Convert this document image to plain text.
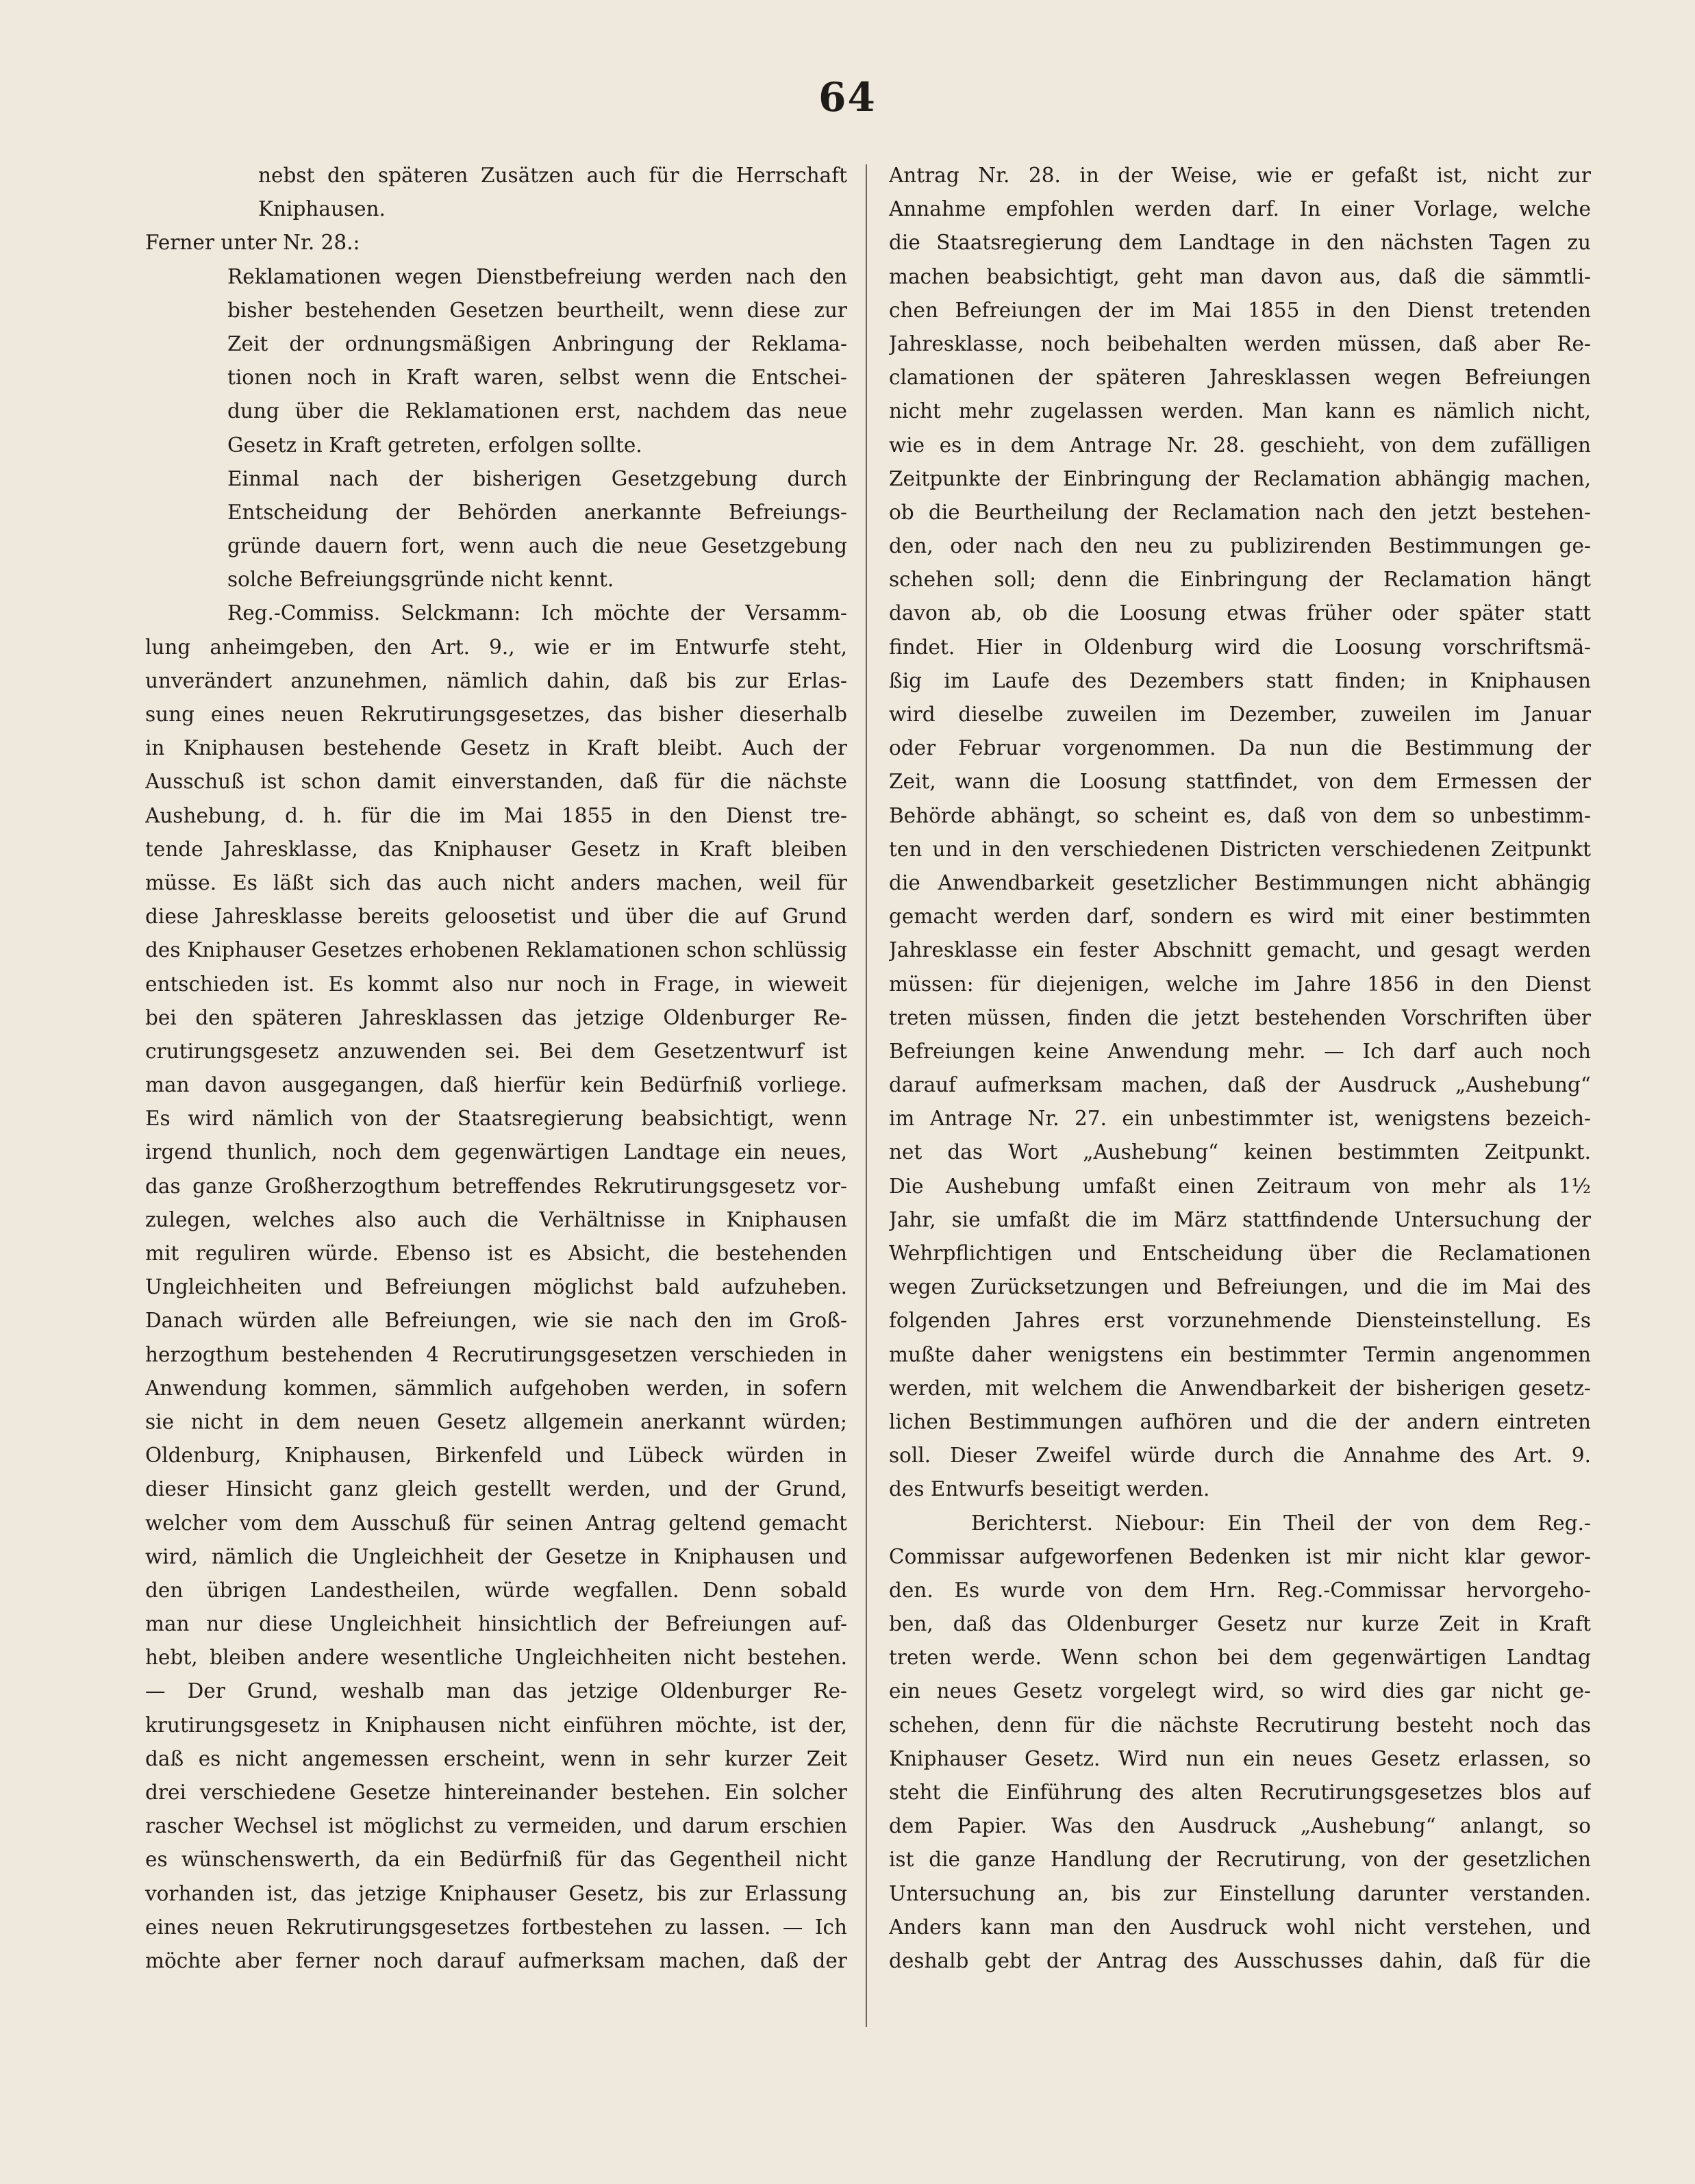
64
nebst den späteren Zusätzen auch für die Herrschaft
Kniphausen.
Ferner unter Nr. 28.:
Reklamationen wegen Dienstbefreiung werden nach den
bisher bestehenden Gesetzen beurtheilt, wenn diese zur
Zeit der ordnungsmäßigen Anbringung der Reklama-
tionen noch in Kraft waren, selbst wenn die Entschei-
dung über die Reklamationen erst, nachdem das neue
Gesetz in Kraft getreten, erfolgen sollte.
Einmal nach der bisherigen Gesetzgebung durch
Entscheidung der Behörden anerkannte Befreiungs-
gründe dauern fort, wenn auch die neue Gesetzgebung
solche Befreiungsgründe nicht kennt.
Reg.-Commiss. Selckmann: Ich möchte der Versamm-
lung anheimgeben, den Art. 9., wie er im Entwurfe steht,
unverändert anzunehmen, nämlich dahin, daß bis zur Erlas-
sung eines neuen Rekrutirungsgesetzes, das bisher dieserhalb
in Kniphausen bestehende Gesetz in Kraft bleibt. Auch der
Ausschuß ist schon damit einverstanden, daß für die nächste
Aushebung, d. h. für die im Mai 1855 in den Dienst tre-
tende Jahresklasse, das Kniphauser Gesetz in Kraft bleiben
müsse. Es läßt sich das auch nicht anders machen, weil für
diese Jahresklasse bereits geloosetist und über die auf Grund
des Kniphauser Gesetzes erhobenen Reklamationen schon schlüssig
entschieden ist. Es kommt also nur noch in Frage, in wieweit
bei den späteren Jahresklassen das jetzige Oldenburger Re-
crutirungsgesetz anzuwenden sei. Bei dem Gesetzentwurf ist
man davon ausgegangen, daß hierfür kein Bedürfniß vorliege.
Es wird nämlich von der Staatsregierung beabsichtigt, wenn
irgend thunlich, noch dem gegenwärtigen Landtage ein neues,
das ganze Großherzogthum betreffendes Rekrutirungsgesetz vor-
zulegen, welches also auch die Verhältnisse in Kniphausen
mit reguliren würde. Ebenso ist es Absicht, die bestehenden
Ungleichheiten und Befreiungen möglichst bald aufzuheben.
Danach würden alle Befreiungen, wie sie nach den im Groß-
herzogthum bestehenden 4 Recrutirungsgesetzen verschieden in
Anwendung kommen, sämmlich aufgehoben werden, in sofern
sie nicht in dem neuen Gesetz allgemein anerkannt würden;
Oldenburg, Kniphausen, Birkenfeld und Lübeck würden in
dieser Hinsicht ganz gleich gestellt werden, und der Grund,
welcher vom dem Ausschuß für seinen Antrag geltend gemacht
wird, nämlich die Ungleichheit der Gesetze in Kniphausen und
den übrigen Landestheilen, würde wegfallen. Denn sobald
man nur diese Ungleichheit hinsichtlich der Befreiungen auf-
hebt, bleiben andere wesentliche Ungleichheiten nicht bestehen.
— Der Grund, weshalb man das jetzige Oldenburger Re-
krutirungsgesetz in Kniphausen nicht einführen möchte, ist der,
daß es nicht angemessen erscheint, wenn in sehr kurzer Zeit
drei verschiedene Gesetze hintereinander bestehen. Ein solcher
rascher Wechsel ist möglichst zu vermeiden, und darum erschien
es wünschenswerth, da ein Bedürfniß für das Gegentheil nicht
vorhanden ist, das jetzige Kniphauser Gesetz, bis zur Erlassung
eines neuen Rekrutirungsgesetzes fortbestehen zu lassen. — Ich
möchte aber ferner noch darauf aufmerksam machen, daß der
Antrag Nr. 28. in der Weise, wie er gefaßt ist, nicht zur
Annahme empfohlen werden darf. In einer Vorlage, welche
die Staatsregierung dem Landtage in den nächsten Tagen zu
machen beabsichtigt, geht man davon aus, daß die sämmtli-
chen Befreiungen der im Mai 1855 in den Dienst tretenden
Jahresklasse, noch beibehalten werden müssen, daß aber Re-
clamationen der späteren Jahresklassen wegen Befreiungen
nicht mehr zugelassen werden. Man kann es nämlich nicht,
wie es in dem Antrage Nr. 28. geschieht, von dem zufälligen
Zeitpunkte der Einbringung der Reclamation abhängig machen,
ob die Beurtheilung der Reclamation nach den jetzt bestehen-
den, oder nach den neu zu publizirenden Bestimmungen ge-
schehen soll; denn die Einbringung der Reclamation hängt
davon ab, ob die Loosung etwas früher oder später statt
findet. Hier in Oldenburg wird die Loosung vorschriftsmä-
ßig im Laufe des Dezembers statt finden; in Kniphausen
wird dieselbe zuweilen im Dezember, zuweilen im Januar
oder Februar vorgenommen. Da nun die Bestimmung der
Zeit, wann die Loosung stattfindet, von dem Ermessen der
Behörde abhängt, so scheint es, daß von dem so unbestimm-
ten und in den verschiedenen Districten verschiedenen Zeitpunkt
die Anwendbarkeit gesetzlicher Bestimmungen nicht abhängig
gemacht werden darf, sondern es wird mit einer bestimmten
Jahresklasse ein fester Abschnitt gemacht, und gesagt werden
müssen: für diejenigen, welche im Jahre 1856 in den Dienst
treten müssen, finden die jetzt bestehenden Vorschriften über
Befreiungen keine Anwendung mehr. — Ich darf auch noch
darauf aufmerksam machen, daß der Ausdruck „Aushebung“
im Antrage Nr. 27. ein unbestimmter ist, wenigstens bezeich-
net das Wort „Aushebung“ keinen bestimmten Zeitpunkt.
Die Aushebung umfaßt einen Zeitraum von mehr als 1½
Jahr, sie umfaßt die im März stattfindende Untersuchung der
Wehrpflichtigen und Entscheidung über die Reclamationen
wegen Zurücksetzungen und Befreiungen, und die im Mai des
folgenden Jahres erst vorzunehmende Diensteinstellung. Es
mußte daher wenigstens ein bestimmter Termin angenommen
werden, mit welchem die Anwendbarkeit der bisherigen gesetz-
lichen Bestimmungen aufhören und die der andern eintreten
soll. Dieser Zweifel würde durch die Annahme des Art. 9.
des Entwurfs beseitigt werden.
Berichterst. Niebour: Ein Theil der von dem Reg.-
Commissar aufgeworfenen Bedenken ist mir nicht klar gewor-
den. Es wurde von dem Hrn. Reg.-Commissar hervorgeho-
ben, daß das Oldenburger Gesetz nur kurze Zeit in Kraft
treten werde. Wenn schon bei dem gegenwärtigen Landtag
ein neues Gesetz vorgelegt wird, so wird dies gar nicht ge-
schehen, denn für die nächste Recrutirung besteht noch das
Kniphauser Gesetz. Wird nun ein neues Gesetz erlassen, so
steht die Einführung des alten Recrutirungsgesetzes blos auf
dem Papier. Was den Ausdruck „Aushebung“ anlangt, so
ist die ganze Handlung der Recrutirung, von der gesetzlichen
Untersuchung an, bis zur Einstellung darunter verstanden.
Anders kann man den Ausdruck wohl nicht verstehen, und
deshalb gebt der Antrag des Ausschusses dahin, daß für die
